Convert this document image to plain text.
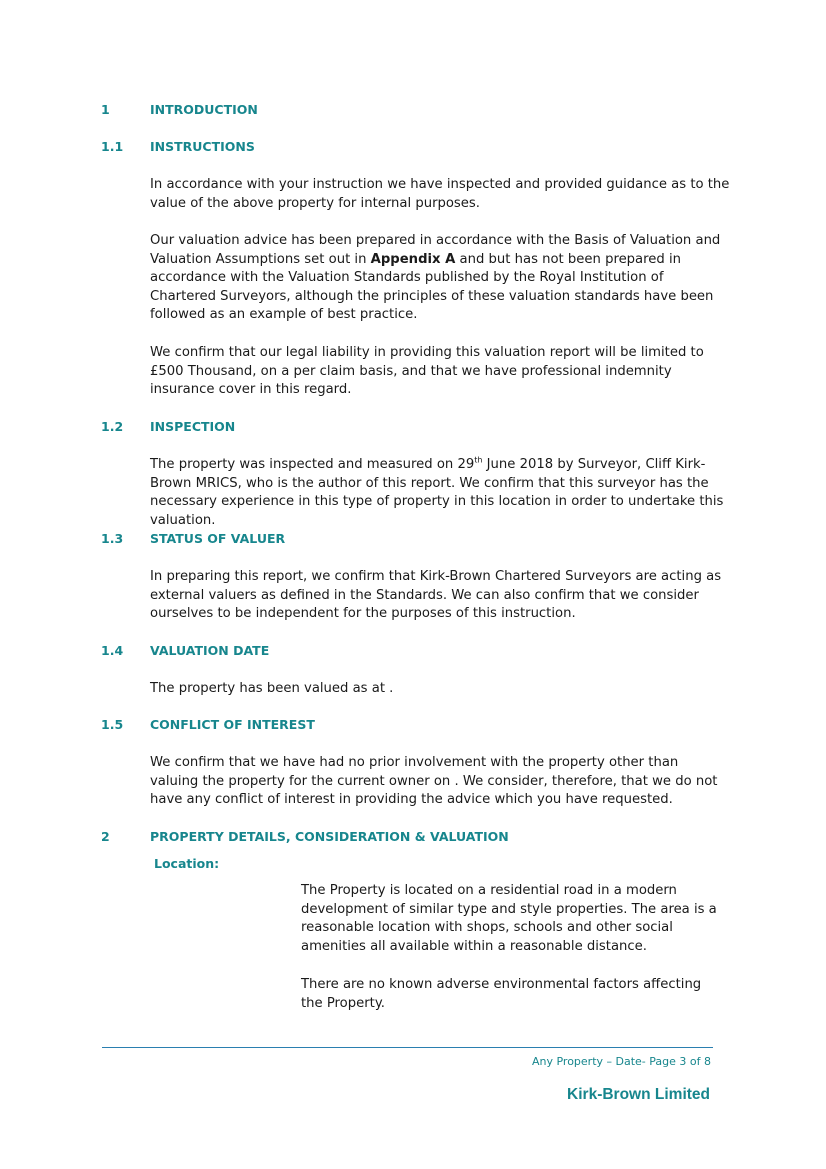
1	INTRODUCTION
1.1 INSTRUCTIONS
In accordance with your instruction we have inspected and provided guidance as to the value of the above property for internal purposes.
Our valuation advice has been prepared in accordance with the Basis of Valuation and Valuation Assumptions set out in Appendix A and but has not been prepared in accordance with the Valuation Standards published by the Royal Institution of Chartered Surveyors, although the principles of these valuation standards have been followed as an example of best practice.
We confirm that our legal liability in providing this valuation report will be limited to £500 Thousand, on a per claim basis, and that we have professional indemnity insurance cover in this regard.
1.2 INSPECTION
The property was inspected and measured on 29th June 2018 by Surveyor, Cliff Kirk-Brown MRICS, who is the author of this report. We confirm that this surveyor has the necessary experience in this type of property in this location in order to undertake this valuation.
1.3 STATUS OF VALUER
In preparing this report, we confirm that Kirk-Brown Chartered Surveyors are acting as external valuers as defined in the Standards. We can also confirm that we consider ourselves to be independent for the purposes of this instruction.
1.4 VALUATION DATE
The property has been valued as at .
1.5 CONFLICT OF INTEREST
We confirm that we have had no prior involvement with the property other than valuing the property for the current owner on . We consider, therefore, that we do not have any conflict of interest in providing the advice which you have requested.
2	PROPERTY DETAILS, CONSIDERATION & VALUATION
Location:
The Property is located on a residential road in a modern development of similar type and style properties. The area is a reasonable location with shops, schools and other social amenities all available within a reasonable distance.
There are no known adverse environmental factors affecting the Property.
Any Property – Date- Page 3 of 8
Kirk-Brown Limited
